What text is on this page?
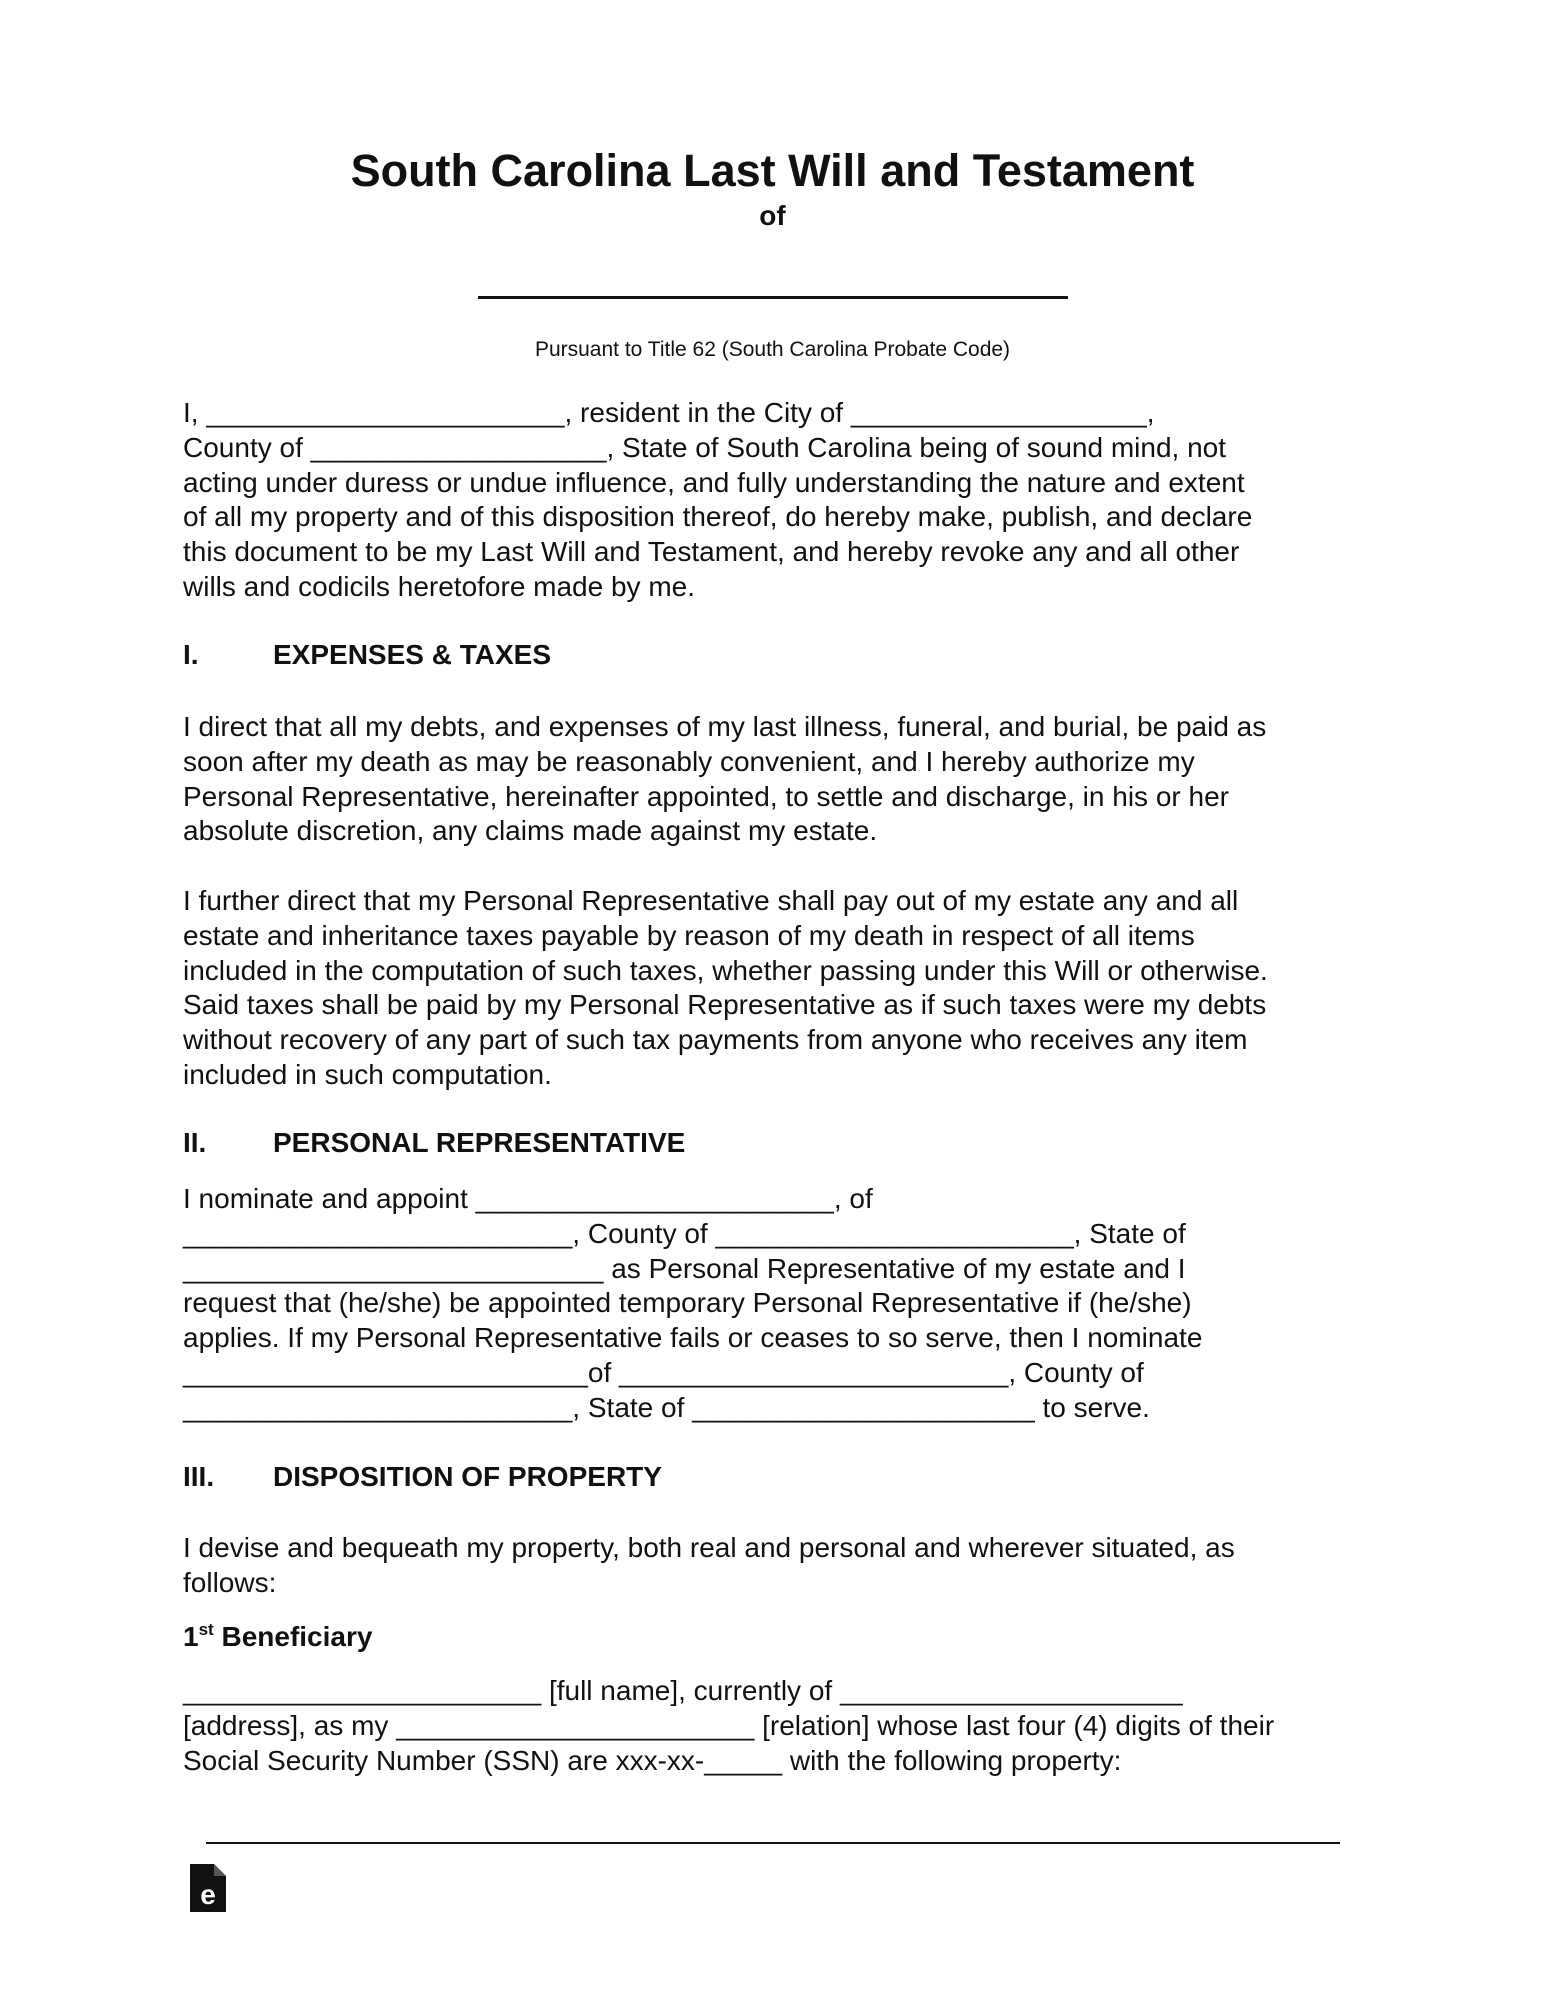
South Carolina Last Will and Testament
of
Pursuant to Title 62 (South Carolina Probate Code)

I, _______________________, resident in the City of ___________________,
County of ___________________, State of South Carolina being of sound mind, not
acting under duress or undue influence, and fully understanding the nature and extent
of all my property and of this disposition thereof, do hereby make, publish, and declare
this document to be my Last Will and Testament, and hereby revoke any and all other
wills and codicils heretofore made by me.

I.	EXPENSES & TAXES

I direct that all my debts, and expenses of my last illness, funeral, and burial, be paid as
soon after my death as may be reasonably convenient, and I hereby authorize my
Personal Representative, hereinafter appointed, to settle and discharge, in his or her
absolute discretion, any claims made against my estate.

I further direct that my Personal Representative shall pay out of my estate any and all
estate and inheritance taxes payable by reason of my death in respect of all items
included in the computation of such taxes, whether passing under this Will or otherwise.
Said taxes shall be paid by my Personal Representative as if such taxes were my debts
without recovery of any part of such tax payments from anyone who receives any item
included in such computation.

II. PERSONAL REPRESENTATIVE

I nominate and appoint _______________________, of
_________________________, County of _______________________, State of
___________________________ as Personal Representative of my estate and I
request that (he/she) be appointed temporary Personal Representative if (he/she)
applies. If my Personal Representative fails or ceases to so serve, then I nominate
__________________________of _________________________, County of
_________________________, State of ______________________ to serve.

III. DISPOSITION OF PROPERTY

I devise and bequeath my property, both real and personal and wherever situated, as
follows:

1st Beneficiary

_______________________ [full name], currently of ______________________
[address], as my _______________________ [relation] whose last four (4) digits of their
Social Security Number (SSN) are xxx-xx-_____ with the following property:

e
